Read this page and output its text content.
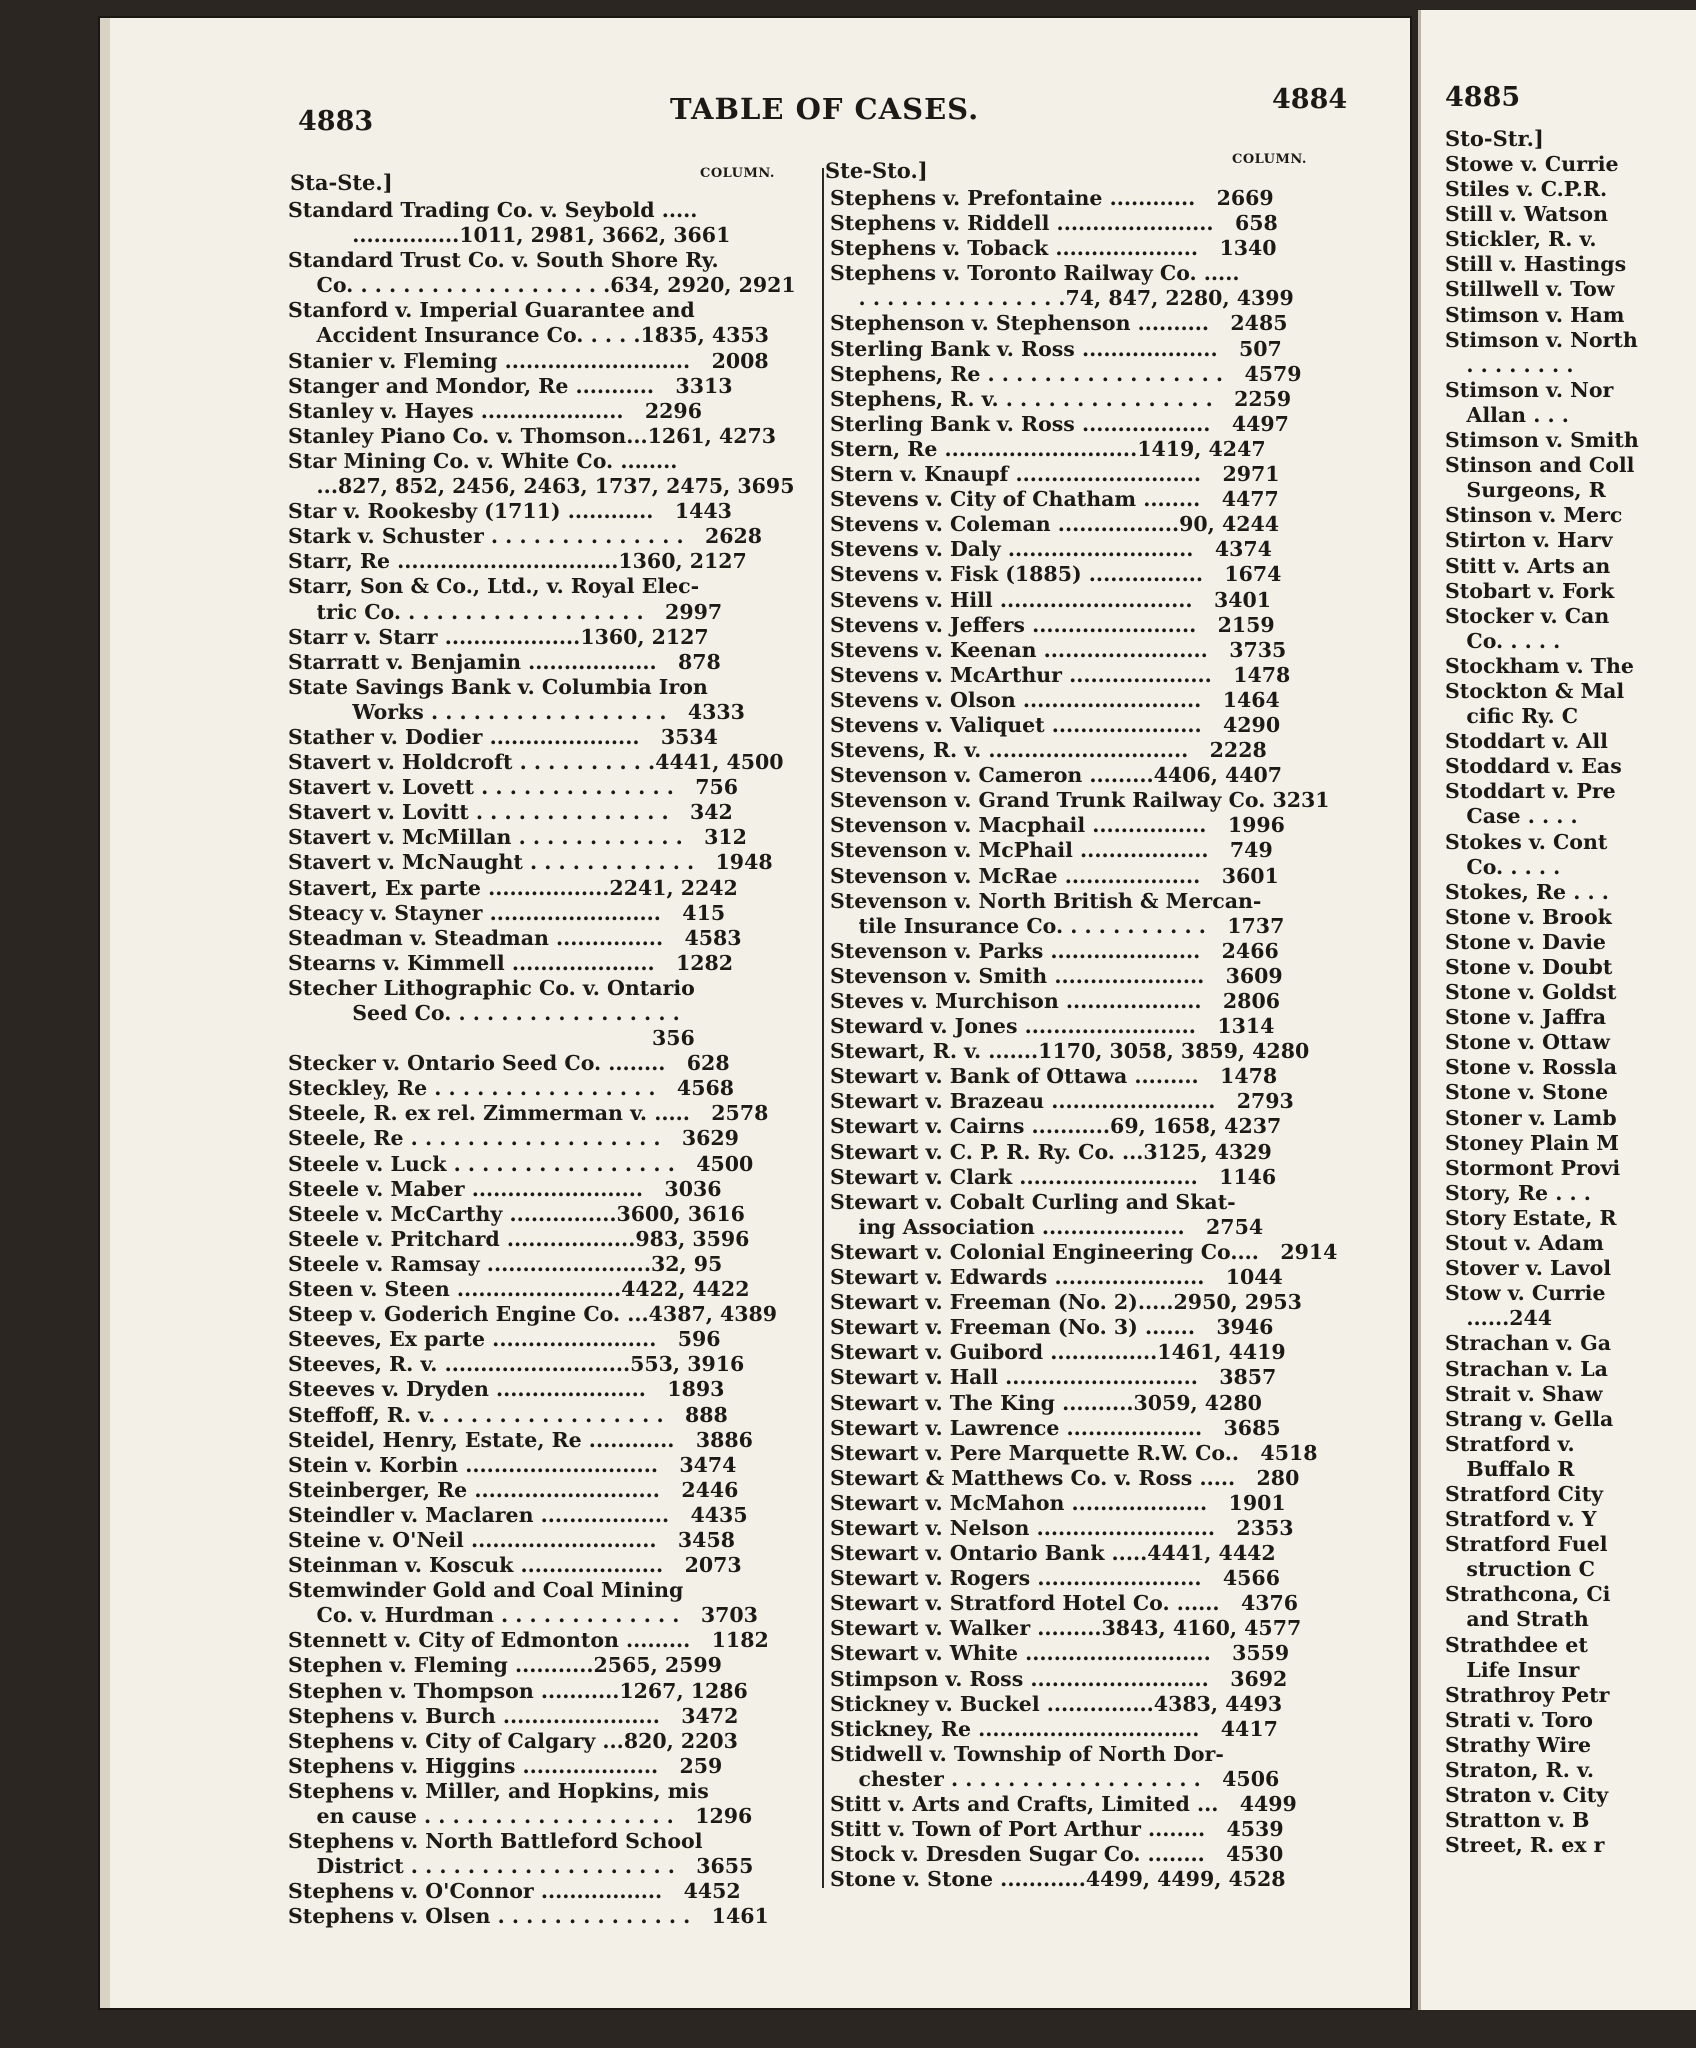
4883	TABLE OF CASES.	4884
Sta-Ste.]	COLUMN. Ste-Sto.]	COLUMN.
Standard Trading Co. v. Seybold .....
...............1011, 2981, 3662, 3661
Standard Trust Co. v. South Shore Ry.
Co. . . . . . . . . . . . . . . . . . .634, 2920, 2921
Stanford v. Imperial Guarantee and
Accident Insurance Co. . . . .1835, 4353
Stanier v. Fleming ..........................   2008
Stanger and Mondor, Re ...........   3313
Stanley v. Hayes ....................   2296
Stanley Piano Co. v. Thomson...1261, 4273
Star Mining Co. v. White Co. ........
...827, 852, 2456, 2463, 1737, 2475, 3695
Star v. Rookesby (1711) ............   1443
Stark v. Schuster . . . . . . . . . . . . . .   2628
Starr, Re ...............................1360, 2127
Starr, Son & Co., Ltd., v. Royal Elec-
tric Co. . . . . . . . . . . . . . . . . .   2997
Starr v. Starr ...................1360, 2127
Starratt v. Benjamin ..................   878
State Savings Bank v. Columbia Iron
Works . . . . . . . . . . . . . . . . .   4333
Stather v. Dodier .....................   3534
Stavert v. Holdcroft . . . . . . . . . .4441, 4500
Stavert v. Lovett . . . . . . . . . . . . . .   756
Stavert v. Lovitt . . . . . . . . . . . . . .   342
Stavert v. McMillan . . . . . . . . . . . .   312
Stavert v. McNaught . . . . . . . . . . . .   1948
Stavert, Ex parte .................2241, 2242
Steacy v. Stayner ........................   415
Steadman v. Steadman ...............   4583
Stearns v. Kimmell ....................   1282
Stecher Lithographic Co. v. Ontario
Seed Co. . . . . . . . . . . . . . . . .
356
Stecker v. Ontario Seed Co. ........   628
Steckley, Re . . . . . . . . . . . . . . . .   4568
Steele, R. ex rel. Zimmerman v. .....   2578
Steele, Re . . . . . . . . . . . . . . . . . .   3629
Steele v. Luck . . . . . . . . . . . . . . . .   4500
Steele v. Maber ........................   3036
Steele v. McCarthy ...............3600, 3616
Steele v. Pritchard ..................983, 3596
Steele v. Ramsay .......................32, 95
Steen v. Steen .......................4422, 4422
Steep v. Goderich Engine Co. ...4387, 4389
Steeves, Ex parte .......................   596
Steeves, R. v. ..........................553, 3916
Steeves v. Dryden .....................   1893
Steffoff, R. v. . . . . . . . . . . . . . . . .   888
Steidel, Henry, Estate, Re ............   3886
Stein v. Korbin ...........................   3474
Steinberger, Re ..........................   2446
Steindler v. Maclaren ..................   4435
Steine v. O'Neil ..........................   3458
Steinman v. Koscuk ....................   2073
Stemwinder Gold and Coal Mining
Co. v. Hurdman . . . . . . . . . . . . .   3703
Stennett v. City of Edmonton .........   1182
Stephen v. Fleming ...........2565, 2599
Stephen v. Thompson ...........1267, 1286
Stephens v. Burch ......................   3472
Stephens v. City of Calgary ...820, 2203
Stephens v. Higgins ...................   259
Stephens v. Miller, and Hopkins, mis
en cause . . . . . . . . . . . . . . . . . .   1296
Stephens v. North Battleford School
District . . . . . . . . . . . . . . . . . . .   3655
Stephens v. O'Connor .................   4452
Stephens v. Olsen . . . . . . . . . . . . . .   1461
Stephens v. Prefontaine ............   2669
Stephens v. Riddell ......................   658
Stephens v. Toback ....................   1340
Stephens v. Toronto Railway Co. .....
. . . . . . . . . . . . . . .74, 847, 2280, 4399
Stephenson v. Stephenson ..........   2485
Sterling Bank v. Ross ...................   507
Stephens, Re . . . . . . . . . . . . . . . . .   4579
Stephens, R. v. . . . . . . . . . . . . . . .   2259
Sterling Bank v. Ross ..................   4497
Stern, Re ...........................1419, 4247
Stern v. Knaupf ..........................   2971
Stevens v. City of Chatham ........   4477
Stevens v. Coleman .................90, 4244
Stevens v. Daly ..........................   4374
Stevens v. Fisk (1885) ................   1674
Stevens v. Hill ...........................   3401
Stevens v. Jeffers .......................   2159
Stevens v. Keenan .......................   3735
Stevens v. McArthur ....................   1478
Stevens v. Olson .........................   1464
Stevens v. Valiquet .....................   4290
Stevens, R. v. ............................   2228
Stevenson v. Cameron .........4406, 4407
Stevenson v. Grand Trunk Railway Co. 3231
Stevenson v. Macphail ................   1996
Stevenson v. McPhail ..................   749
Stevenson v. McRae ...................   3601
Stevenson v. North British & Mercan-
tile Insurance Co. . . . . . . . . . .   1737
Stevenson v. Parks .....................   2466
Stevenson v. Smith .....................   3609
Steves v. Murchison ...................   2806
Steward v. Jones ........................   1314
Stewart, R. v. .......1170, 3058, 3859, 4280
Stewart v. Bank of Ottawa .........   1478
Stewart v. Brazeau .......................   2793
Stewart v. Cairns ...........69, 1658, 4237
Stewart v. C. P. R. Ry. Co. ...3125, 4329
Stewart v. Clark .........................   1146
Stewart v. Cobalt Curling and Skat-
ing Association ....................   2754
Stewart v. Colonial Engineering Co....   2914
Stewart v. Edwards .....................   1044
Stewart v. Freeman (No. 2).....2950, 2953
Stewart v. Freeman (No. 3) .......   3946
Stewart v. Guibord ...............1461, 4419
Stewart v. Hall ...........................   3857
Stewart v. The King ..........3059, 4280
Stewart v. Lawrence ...................   3685
Stewart v. Pere Marquette R.W. Co..   4518
Stewart & Matthews Co. v. Ross .....   280
Stewart v. McMahon ...................   1901
Stewart v. Nelson .........................   2353
Stewart v. Ontario Bank .....4441, 4442
Stewart v. Rogers .......................   4566
Stewart v. Stratford Hotel Co. ......   4376
Stewart v. Walker .........3843, 4160, 4577
Stewart v. White ..........................   3559
Stimpson v. Ross .........................   3692
Stickney v. Buckel ...............4383, 4493
Stickney, Re ...............................   4417
Stidwell v. Township of North Dor-
chester . . . . . . . . . . . . . . . . . .   4506
Stitt v. Arts and Crafts, Limited ...   4499
Stitt v. Town of Port Arthur ........   4539
Stock v. Dresden Sugar Co. ........   4530
Stone v. Stone ............4499, 4499, 4528
4885
Sto-Str.]
Stowe v. Currie
Stiles v. C.P.R.
Still v. Watson
Stickler, R. v.
Still v. Hastings
Stillwell v. Tow
Stimson v. Ham
Stimson v. North
. . . . . . . .
Stimson v. Nor
Allan . . .
Stimson v. Smith
Stinson and Coll
Surgeons, R
Stinson v. Merc
Stirton v. Harv
Stitt v. Arts an
Stobart v. Fork
Stocker v. Can
Co. . . . .
Stockham v. The
Stockton & Mal
cific Ry. C
Stoddart v. All
Stoddard v. Eas
Stoddart v. Pre
Case . . . .
Stokes v. Cont
Co. . . . .
Stokes, Re . . .
Stone v. Brook
Stone v. Davie
Stone v. Doubt
Stone v. Goldst
Stone v. Jaffra
Stone v. Ottaw
Stone v. Rossla
Stone v. Stone
Stoner v. Lamb
Stoney Plain M
Stormont Provi
Story, Re . . .
Story Estate, R
Stout v. Adam
Stover v. Lavol
Stow v. Currie
......244
Strachan v. Ga
Strachan v. La
Strait v. Shaw
Strang v. Gella
Stratford v.
Buffalo R
Stratford City
Stratford v. Y
Stratford Fuel
struction C
Strathcona, Ci
and Strath
Strathdee et
Life Insur
Strathroy Petr
Strati v. Toro
Strathy Wire
Straton, R. v.
Straton v. City
Stratton v. B
Street, R. ex r
